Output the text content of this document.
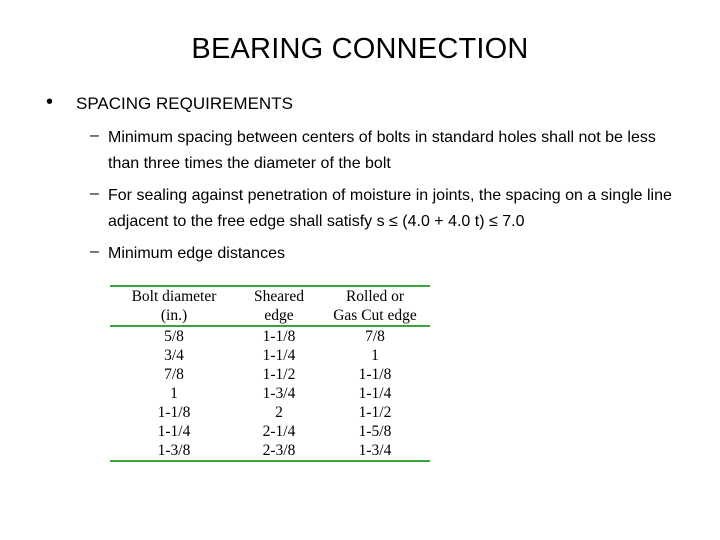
BEARING CONNECTION
• SPACING REQUIREMENTS
– Minimum spacing between centers of bolts in standard holes shall not be less than three times the diameter of the bolt
– For sealing against penetration of moisture in joints, the spacing on a single line adjacent to the free edge shall satisfy s ≤ (4.0 + 4.0 t) ≤ 7.0
– Minimum edge distances
Bolt diameter	Sheared	Rolled or
(in.)	edge	Gas Cut edge
5/8	1-1/8	7/8
3/4	1-1/4	1
7/8	1-1/2	1-1/8
1	1-3/4	1-1/4
1-1/8	2	1-1/2
1-1/4	2-1/4	1-5/8
1-3/8	2-3/8	1-3/4
